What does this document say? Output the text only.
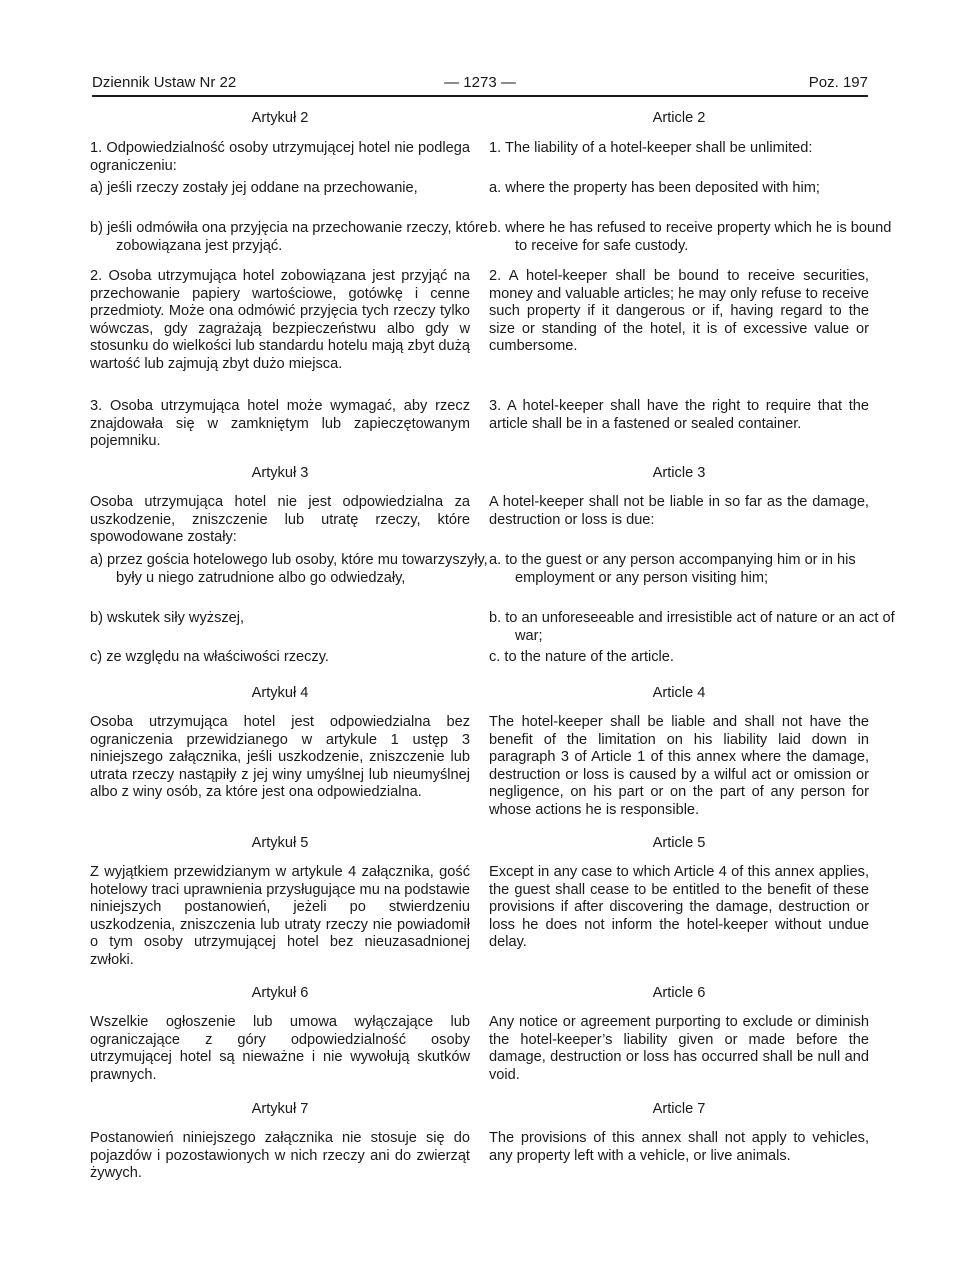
Dziennik Ustaw Nr 22	— 1273 —	Poz. 197

Artykuł 2

1. Odpowiedzialność osoby utrzymującej hotel nie podlega ograniczeniu:

a) jeśli rzeczy zostały jej oddane na przechowanie,

b) jeśli odmówiła ona przyjęcia na przechowanie rzeczy, które zobowiązana jest przyjąć.

2. Osoba utrzymująca hotel zobowiązana jest przyjąć na przechowanie papiery wartościowe, gotówkę i cenne przedmioty. Może ona odmówić przyjęcia tych rzeczy tylko wówczas, gdy zagrażają bezpieczeństwu albo gdy w stosunku do wielkości lub standardu hotelu mają zbyt dużą wartość lub zajmują zbyt dużo miejsca.

3. Osoba utrzymująca hotel może wymagać, aby rzecz znajdowała się w zamkniętym lub zapieczętowanym pojemniku.

Artykuł 3

Osoba utrzymująca hotel nie jest odpowiedzialna za uszkodzenie, zniszczenie lub utratę rzeczy, które spowodowane zostały:

a) przez gościa hotelowego lub osoby, które mu towarzyszyły, były u niego zatrudnione albo go odwiedzały,

b) wskutek siły wyższej,

c) ze względu na właściwości rzeczy.

Artykuł 4

Osoba utrzymująca hotel jest odpowiedzialna bez ograniczenia przewidzianego w artykule 1 ustęp 3 niniejszego załącznika, jeśli uszkodzenie, zniszczenie lub utrata rzeczy nastąpiły z jej winy umyślnej lub nieumyślnej albo z winy osób, za które jest ona odpowiedzialna.

Artykuł 5

Z wyjątkiem przewidzianym w artykule 4 załącznika, gość hotelowy traci uprawnienia przysługujące mu na podstawie niniejszych postanowień, jeżeli po stwierdzeniu uszkodzenia, zniszczenia lub utraty rzeczy nie powiadomił o tym osoby utrzymującej hotel bez nieuzasadnionej zwłoki.

Artykuł 6

Wszelkie ogłoszenie lub umowa wyłączające lub ograniczające z góry odpowiedzialność osoby utrzymującej hotel są nieważne i nie wywołują skutków prawnych.

Artykuł 7

Postanowień niniejszego załącznika nie stosuje się do pojazdów i pozostawionych w nich rzeczy ani do zwierząt żywych.

Article 2

1. The liability of a hotel-keeper shall be unlimited:

a. where the property has been deposited with him;

b. where he has refused to receive property which he is bound to receive for safe custody.

2. A hotel-keeper shall be bound to receive securities, money and valuable articles; he may only refuse to receive such property if it dangerous or if, having regard to the size or standing of the hotel, it is of excessive value or cumbersome.

3. A hotel-keeper shall have the right to require that the article shall be in a fastened or sealed container.

Article 3

A hotel-keeper shall not be liable in so far as the damage, destruction or loss is due:

a. to the guest or any person accompanying him or in his employment or any person visiting him;

b. to an unforeseeable and irresistible act of nature or an act of war;

c. to the nature of the article.

Article 4

The hotel-keeper shall be liable and shall not have the benefit of the limitation on his liability laid down in paragraph 3 of Article 1 of this annex where the damage, destruction or loss is caused by a wilful act or omission or negligence, on his part or on the part of any person for whose actions he is responsible.

Article 5

Except in any case to which Article 4 of this annex applies, the guest shall cease to be entitled to the benefit of these provisions if after discovering the damage, destruction or loss he does not inform the hotel-keeper without undue delay.

Article 6

Any notice or agreement purporting to exclude or diminish the hotel-keeper’s liability given or made before the damage, destruction or loss has occurred shall be null and void.

Article 7

The provisions of this annex shall not apply to vehicles, any property left with a vehicle, or live animals.
